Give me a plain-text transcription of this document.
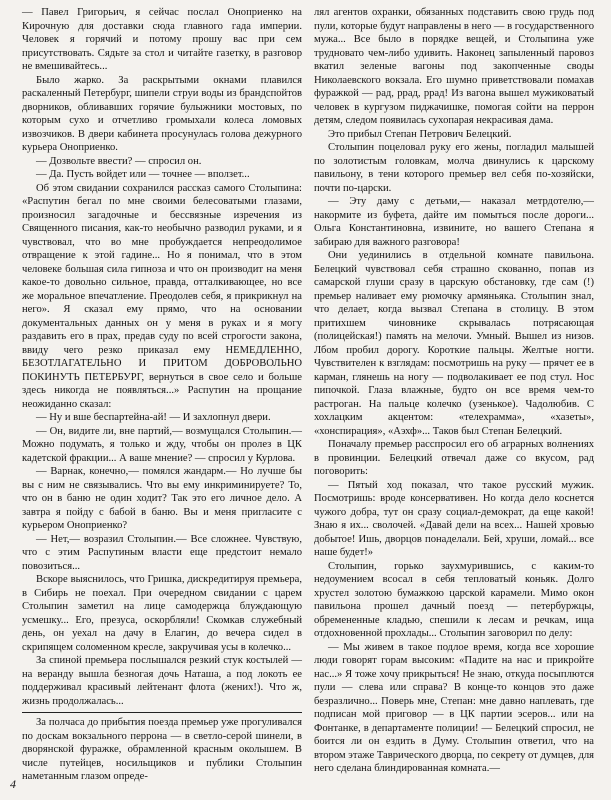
— Павел Григорьич, я сейчас послал Оноприенко на Кирочную для доставки сюда главного гада империи. Человек я горячий и потому прошу вас при сем присутствовать. Сядьте за стол и читайте газетку, в разговор не вмешивайтесь...

Было жарко. За раскрытыми окнами плавился раскаленный Петербург, шипели струи воды из брандспойтов дворников, обливавших горячие булыжники мостовых, по которым сухо и отчетливо громыхали колеса ломовых извозчиков. В двери кабинета просунулась голова дежурного курьера Оноприенко.

— Дозвольте ввести? — спросил он.

— Да. Пусть войдет или — точнее — вползет...

Об этом свидании сохранился рассказ самого Столыпина: «Распутин бегал по мне своими белесоватыми глазами, произносил загадочные и бессвязные изречения из Священного писания, как-то необычно разводил руками, и я чувствовал, что во мне пробуждается непреодолимое отвращение к этой гадине... Но я понимал, что в этом человеке большая сила гипноза и что он производит на меня какое-то довольно сильное, правда, отталкивающее, но все же моральное впечатление. Преодолев себя, я прикрикнул на него». Я сказал ему прямо, что на основании документальных данных он у меня в руках и я могу раздавить его в прах, предав суду по всей строгости закона, ввиду чего резко приказал ему НЕМЕДЛЕННО, БЕЗОТЛАГАТЕЛЬНО И ПРИТОМ ДОБРОВОЛЬНО ПОКИНУТЬ ПЕТЕРБУРГ, вернуться в свое село и больше здесь никогда не появляться...» Распутин на прощание неожиданно сказал:

— Ну и вше беспартейна-ай! — И захлопнул двери.

— Он, видите ли, вне партий,— возмущался Столыпин.— Можно подумать, я только и жду, чтобы он пролез в ЦК кадетской фракции... А ваше мнение? — спросил у Курлова.

— Варнак, конечно,— помялся жандарм.— Но лучше бы вы с ним не связывались. Что вы ему инкриминируете? То, что он в баню не один ходит? Так это его личное дело. А завтра я пойду с бабой в баню. Вы и меня пригласите с курьером Оноприенко?

— Нет,— возразил Столыпин.— Все сложнее. Чувствую, что с этим Распутиным власти еще предстоит немало повозиться...

Вскоре выяснилось, что Гришка, дискредитируя премьера, в Сибирь не поехал. При очередном свидании с царем Столыпин заметил на лице самодержца блуждающую усмешку... Его, презуса, оскорбляли! Скомкав служебный день, он уехал на дачу в Елагин, до вечера сидел в скрипящем соломенном кресле, закручивая усы в колечко...

За спиной премьера послышался резкий стук костылей — на веранду вышла безногая дочь Наташа, а под локоть ее поддерживал красивый лейтенант флота (жених!). Что ж, жизнь продолжалась...

За полчаса до прибытия поезда премьер уже прогуливался по доскам вокзального перрона — в светло-серой шинели, в дворянской фуражке, обрамленной красным околышем. В числе путейцев, носильщиков и публики Столыпин наметанным глазом опреде-

лял агентов охранки, обязанных подставить свою грудь под пули, которые будут направлены в него — в государственного мужа... Все было в порядке вещей, и Столыпина уже трудновато чем-либо удивить. Наконец запыленный паровоз вкатил зеленые вагоны под закопченные своды Николаевского вокзала. Его шумно приветствовали помахав фуражкой — рад, ррад, ррад! Из вагона вышел мужиковатый человек в кургузом пиджачишке, помогая сойти на перрон детям, следом появилась сухопарая некрасивая дама.

Это прибыл Степан Петрович Белецкий.

Столыпин поцеловал руку его жены, погладил малышей по золотистым головкам, молча двинулись к царскому павильону, в тени которого премьер вел себя по-хозяйски, почти по-царски.

— Эту даму с детьми,— наказал метрдотелю,— накормите из буфета, дайте им помыться после дороги... Ольга Константиновна, извините, но вашего Степана я забираю для важного разговора!

Они уединились в отдельной комнате павильона. Белецкий чувствовал себя страшно скованно, попав из самарской глуши сразу в царскую обстановку, где сам (!) премьер наливает ему рюмочку армяньяка. Столыпин знал, что делает, когда вызвал Степана в столицу. В этом притихшем чиновнике скрывалась потрясающая (полицейская!) память на мелочи. Умный. Вышел из низов. Лбом пробил дорогу. Короткие пальцы. Желтые ногти. Чувствителен к взглядам: посмотришь на руку — прячет ее в карман, глянешь на ногу — подволакивает ее под стул. Нос пипочкой. Глаза влажные, будто он все время чем-то растроган. На пальце колечко (узенькое). Чадолюбив. С хохлацким акцентом: «телехрамма», «хазеты», «хонспирация», «Аэхф»... Таков был Степан Белецкий.

Поначалу премьер расспросил его об аграрных волнениях в провинции. Белецкий отвечал даже со вкусом, рад поговорить:

— Пятый ход показал, что такое русский мужик. Посмотришь: вроде консервативен. Но когда дело коснется чужого добра, тут он сразу социал-демократ, да еще какой! Знаю я их... сволочей. «Давай дели на всех... Нашей хровью добытое! Ишь, дворцов понаделали. Бей, хруши, ломай... все наше будет!»

Столыпин, горько заухмурившись, с каким-то недоумением всосал в себя тепловатый коньяк. Долго хрустел золотою бумажкою царской карамели. Мимо окон павильона прошел дачный поезд — петербуржцы, обремененные кладью, спешили к лесам и речкам, ища отдохновенной прохлады... Столыпин заговорил по делу:

— Мы живем в такое подлое время, когда все хорошие люди говорят горам высоким: «Падите на нас и прикройте нас...» Я тоже хочу прикрыться! Не знаю, откуда посыплются пули — слева или справа? В конце-то концов это даже безразлично... Поверь мне, Степан: мне давно наплевать, где подписан мой приговор — в ЦК партии эсеров... или на Фонтанке, в департаменте полиции! — Белецкий спросил, не боится ли он ездить в Думу. Столыпин ответил, что на втором этаже Таврического дворца, по секрету от думцев, для него сделана блиндированная комната.—

4
